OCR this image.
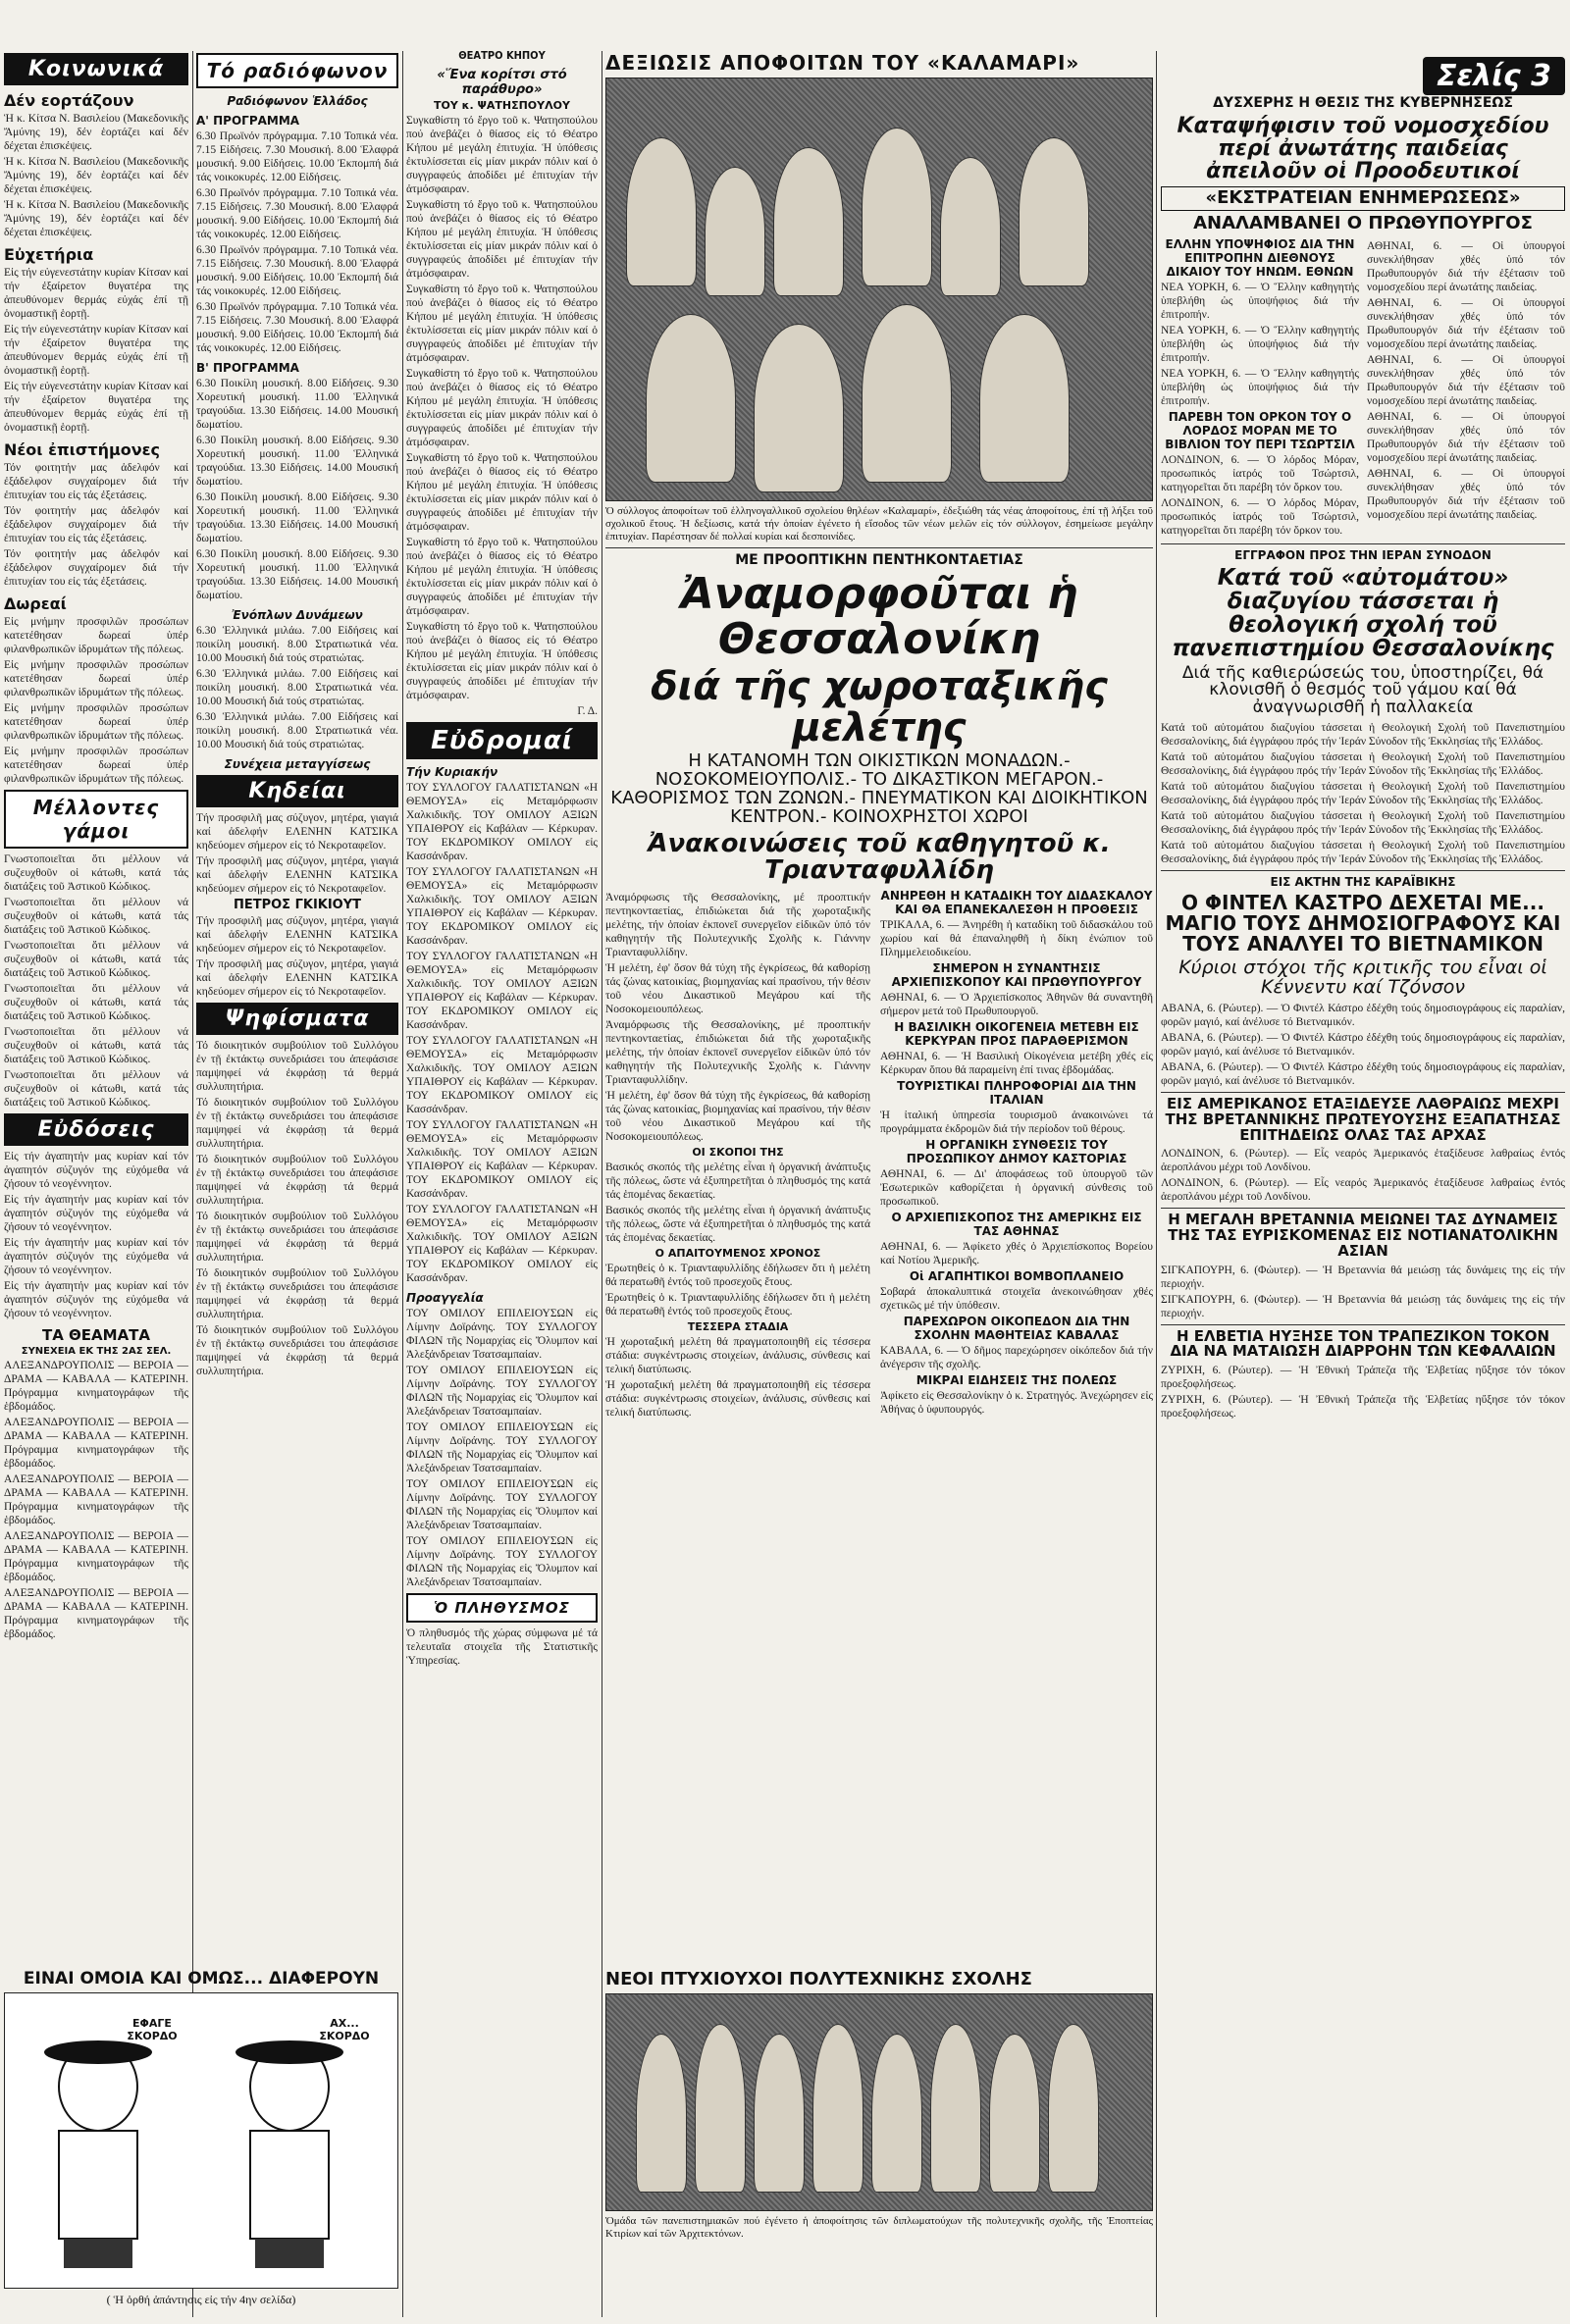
Κοινωνικά
Δέν εορτάζουν

Ἡ κ. Κίτσα Ν. Βασιλείου (Μακεδονικῆς Ἄμύνης 19), δέν ἑορτάζει καί δέν δέχεται ἐπισκέψεις.

Ἡ κ. Κίτσα Ν. Βασιλείου (Μακεδονικῆς Ἄμύνης 19), δέν ἑορτάζει καί δέν δέχεται ἐπισκέψεις.

Ἡ κ. Κίτσα Ν. Βασιλείου (Μακεδονικῆς Ἄμύνης 19), δέν ἑορτάζει καί δέν δέχεται ἐπισκέψεις.

Εὐχετήρια

Εἰς τήν εὐγενεστάτην κυρίαν Κίτσαν καί τήν ἐξαίρετον θυγατέρα της ἀπευθύνομεν θερμάς εὐχάς ἐπί τῇ ὀνομαστικῇ ἑορτῇ.

Εἰς τήν εὐγενεστάτην κυρίαν Κίτσαν καί τήν ἐξαίρετον θυγατέρα της ἀπευθύνομεν θερμάς εὐχάς ἐπί τῇ ὀνομαστικῇ ἑορτῇ.

Εἰς τήν εὐγενεστάτην κυρίαν Κίτσαν καί τήν ἐξαίρετον θυγατέρα της ἀπευθύνομεν θερμάς εὐχάς ἐπί τῇ ὀνομαστικῇ ἑορτῇ.

Νέοι ἐπιστήμονες

Τόν φοιτητήν μας ἀδελφόν καί ἐξάδελφον συγχαίρομεν διά τήν ἐπιτυχίαν του εἰς τάς ἐξετάσεις.

Τόν φοιτητήν μας ἀδελφόν καί ἐξάδελφον συγχαίρομεν διά τήν ἐπιτυχίαν του εἰς τάς ἐξετάσεις.

Τόν φοιτητήν μας ἀδελφόν καί ἐξάδελφον συγχαίρομεν διά τήν ἐπιτυχίαν του εἰς τάς ἐξετάσεις.

Δωρεαί

Εἰς μνήμην προσφιλῶν προσώπων κατετέθησαν δωρεαί ὑπέρ φιλανθρωπικῶν ἱδρυμάτων τῆς πόλεως.

Εἰς μνήμην προσφιλῶν προσώπων κατετέθησαν δωρεαί ὑπέρ φιλανθρωπικῶν ἱδρυμάτων τῆς πόλεως.

Εἰς μνήμην προσφιλῶν προσώπων κατετέθησαν δωρεαί ὑπέρ φιλανθρωπικῶν ἱδρυμάτων τῆς πόλεως.

Εἰς μνήμην προσφιλῶν προσώπων κατετέθησαν δωρεαί ὑπέρ φιλανθρωπικῶν ἱδρυμάτων τῆς πόλεως.

Μέλλοντες γάμοι

Γνωστοποιεῖται ὅτι μέλλουν νά συζευχθοῦν οἱ κάτωθι, κατά τάς διατάξεις τοῦ Ἀστικοῦ Κώδικος.

Γνωστοποιεῖται ὅτι μέλλουν νά συζευχθοῦν οἱ κάτωθι, κατά τάς διατάξεις τοῦ Ἀστικοῦ Κώδικος.

Γνωστοποιεῖται ὅτι μέλλουν νά συζευχθοῦν οἱ κάτωθι, κατά τάς διατάξεις τοῦ Ἀστικοῦ Κώδικος.

Γνωστοποιεῖται ὅτι μέλλουν νά συζευχθοῦν οἱ κάτωθι, κατά τάς διατάξεις τοῦ Ἀστικοῦ Κώδικος.

Γνωστοποιεῖται ὅτι μέλλουν νά συζευχθοῦν οἱ κάτωθι, κατά τάς διατάξεις τοῦ Ἀστικοῦ Κώδικος.

Γνωστοποιεῖται ὅτι μέλλουν νά συζευχθοῦν οἱ κάτωθι, κατά τάς διατάξεις τοῦ Ἀστικοῦ Κώδικος.

Εὐδόσεις

Εἰς τήν ἀγαπητήν μας κυρίαν καί τόν ἀγαπητόν σύζυγόν της εὐχόμεθα νά ζήσουν τό νεογέννητον.

Εἰς τήν ἀγαπητήν μας κυρίαν καί τόν ἀγαπητόν σύζυγόν της εὐχόμεθα νά ζήσουν τό νεογέννητον.

Εἰς τήν ἀγαπητήν μας κυρίαν καί τόν ἀγαπητόν σύζυγόν της εὐχόμεθα νά ζήσουν τό νεογέννητον.

Εἰς τήν ἀγαπητήν μας κυρίαν καί τόν ἀγαπητόν σύζυγόν της εὐχόμεθα νά ζήσουν τό νεογέννητον.

ΤΑ ΘΕΑΜΑΤΑ
ΣΥΝΕΧΕΙΑ ΕΚ ΤΗΣ 2ΑΣ ΣΕΛ.

ΑΛΕΞΑΝΔΡΟΥΠΟΛΙΣ — ΒΕΡΟΙΑ — ΔΡΑΜΑ — ΚΑΒΑΛΑ — ΚΑΤΕΡΙΝΗ. Πρόγραμμα κινηματογράφων τῆς ἑβδομάδος.

ΑΛΕΞΑΝΔΡΟΥΠΟΛΙΣ — ΒΕΡΟΙΑ — ΔΡΑΜΑ — ΚΑΒΑΛΑ — ΚΑΤΕΡΙΝΗ. Πρόγραμμα κινηματογράφων τῆς ἑβδομάδος.

ΑΛΕΞΑΝΔΡΟΥΠΟΛΙΣ — ΒΕΡΟΙΑ — ΔΡΑΜΑ — ΚΑΒΑΛΑ — ΚΑΤΕΡΙΝΗ. Πρόγραμμα κινηματογράφων τῆς ἑβδομάδος.

ΑΛΕΞΑΝΔΡΟΥΠΟΛΙΣ — ΒΕΡΟΙΑ — ΔΡΑΜΑ — ΚΑΒΑΛΑ — ΚΑΤΕΡΙΝΗ. Πρόγραμμα κινηματογράφων τῆς ἑβδομάδος.

ΑΛΕΞΑΝΔΡΟΥΠΟΛΙΣ — ΒΕΡΟΙΑ — ΔΡΑΜΑ — ΚΑΒΑΛΑ — ΚΑΤΕΡΙΝΗ. Πρόγραμμα κινηματογράφων τῆς ἑβδομάδος.

Τό ραδιόφωνον
Ραδιόφωνον Ἑλλάδος
Α' ΠΡΟΓΡΑΜΜΑ

6.30 Πρωϊνόν πρόγραμμα. 7.10 Τοπικά νέα. 7.15 Εἰδήσεις. 7.30 Μουσική. 8.00 Ἑλαφρά μουσική. 9.00 Εἰδήσεις. 10.00 Ἐκπομπή διά τάς νοικοκυρές. 12.00 Εἰδήσεις.

6.30 Πρωϊνόν πρόγραμμα. 7.10 Τοπικά νέα. 7.15 Εἰδήσεις. 7.30 Μουσική. 8.00 Ἑλαφρά μουσική. 9.00 Εἰδήσεις. 10.00 Ἐκπομπή διά τάς νοικοκυρές. 12.00 Εἰδήσεις.

6.30 Πρωϊνόν πρόγραμμα. 7.10 Τοπικά νέα. 7.15 Εἰδήσεις. 7.30 Μουσική. 8.00 Ἑλαφρά μουσική. 9.00 Εἰδήσεις. 10.00 Ἐκπομπή διά τάς νοικοκυρές. 12.00 Εἰδήσεις.

6.30 Πρωϊνόν πρόγραμμα. 7.10 Τοπικά νέα. 7.15 Εἰδήσεις. 7.30 Μουσική. 8.00 Ἑλαφρά μουσική. 9.00 Εἰδήσεις. 10.00 Ἐκπομπή διά τάς νοικοκυρές. 12.00 Εἰδήσεις.

Β' ΠΡΟΓΡΑΜΜΑ

6.30 Ποικίλη μουσική. 8.00 Εἰδήσεις. 9.30 Χορευτική μουσική. 11.00 Ἑλληνικά τραγούδια. 13.30 Εἰδήσεις. 14.00 Μουσική δωματίου.

6.30 Ποικίλη μουσική. 8.00 Εἰδήσεις. 9.30 Χορευτική μουσική. 11.00 Ἑλληνικά τραγούδια. 13.30 Εἰδήσεις. 14.00 Μουσική δωματίου.

6.30 Ποικίλη μουσική. 8.00 Εἰδήσεις. 9.30 Χορευτική μουσική. 11.00 Ἑλληνικά τραγούδια. 13.30 Εἰδήσεις. 14.00 Μουσική δωματίου.

6.30 Ποικίλη μουσική. 8.00 Εἰδήσεις. 9.30 Χορευτική μουσική. 11.00 Ἑλληνικά τραγούδια. 13.30 Εἰδήσεις. 14.00 Μουσική δωματίου.

Ἐνόπλων Δυνάμεων

6.30 Ἑλληνικά μιλάω. 7.00 Εἰδήσεις καί ποικίλη μουσική. 8.00 Στρατιωτικά νέα. 10.00 Μουσική διά τούς στρατιώτας.

6.30 Ἑλληνικά μιλάω. 7.00 Εἰδήσεις καί ποικίλη μουσική. 8.00 Στρατιωτικά νέα. 10.00 Μουσική διά τούς στρατιώτας.

6.30 Ἑλληνικά μιλάω. 7.00 Εἰδήσεις καί ποικίλη μουσική. 8.00 Στρατιωτικά νέα. 10.00 Μουσική διά τούς στρατιώτας.

Συνέχεια μεταγγίσεως
Κηδείαι

Τήν προσφιλῆ μας σύζυγον, μητέρα, γιαγιά καί ἀδελφήν ΕΛΕΝΗΝ ΚΑΤΣΙΚΑ κηδεύομεν σήμερον εἰς τό Νεκροταφεῖον.

Τήν προσφιλῆ μας σύζυγον, μητέρα, γιαγιά καί ἀδελφήν ΕΛΕΝΗΝ ΚΑΤΣΙΚΑ κηδεύομεν σήμερον εἰς τό Νεκροταφεῖον.

ΠΕΤΡΟΣ ΓΚΙΚΙΟΥΤ

Τήν προσφιλῆ μας σύζυγον, μητέρα, γιαγιά καί ἀδελφήν ΕΛΕΝΗΝ ΚΑΤΣΙΚΑ κηδεύομεν σήμερον εἰς τό Νεκροταφεῖον.

Τήν προσφιλῆ μας σύζυγον, μητέρα, γιαγιά καί ἀδελφήν ΕΛΕΝΗΝ ΚΑΤΣΙΚΑ κηδεύομεν σήμερον εἰς τό Νεκροταφεῖον.

Ψηφίσματα

Τό διοικητικόν συμβούλιον τοῦ Συλλόγου ἐν τῇ ἐκτάκτῳ συνεδριάσει του ἀπεφάσισε παμψηφεί νά ἐκφράσῃ τά θερμά συλλυπητήρια.

Τό διοικητικόν συμβούλιον τοῦ Συλλόγου ἐν τῇ ἐκτάκτῳ συνεδριάσει του ἀπεφάσισε παμψηφεί νά ἐκφράσῃ τά θερμά συλλυπητήρια.

Τό διοικητικόν συμβούλιον τοῦ Συλλόγου ἐν τῇ ἐκτάκτῳ συνεδριάσει του ἀπεφάσισε παμψηφεί νά ἐκφράσῃ τά θερμά συλλυπητήρια.

Τό διοικητικόν συμβούλιον τοῦ Συλλόγου ἐν τῇ ἐκτάκτῳ συνεδριάσει του ἀπεφάσισε παμψηφεί νά ἐκφράσῃ τά θερμά συλλυπητήρια.

Τό διοικητικόν συμβούλιον τοῦ Συλλόγου ἐν τῇ ἐκτάκτῳ συνεδριάσει του ἀπεφάσισε παμψηφεί νά ἐκφράσῃ τά θερμά συλλυπητήρια.

Τό διοικητικόν συμβούλιον τοῦ Συλλόγου ἐν τῇ ἐκτάκτῳ συνεδριάσει του ἀπεφάσισε παμψηφεί νά ἐκφράσῃ τά θερμά συλλυπητήρια.

ΘΕΑΤΡΟ ΚΗΠΟΥ
«Ἕνα κορίτσι στό παράθυρο»
ΤΟΥ κ. ΨΑΤΗΣΠΟΥΛΟΥ

Συγκαθίστη τό ἔργο τοῦ κ. Ψατησπούλου πού ἀνεβάζει ὁ θίασος εἰς τό Θέατρο Κήπου μέ μεγάλη ἐπιτυχία. Ἡ ὑπόθεσις ἐκτυλίσσεται εἰς μίαν μικράν πόλιν καί ὁ συγγραφεύς ἀποδίδει μέ ἐπιτυχίαν τήν ἀτμόσφαιραν.

Συγκαθίστη τό ἔργο τοῦ κ. Ψατησπούλου πού ἀνεβάζει ὁ θίασος εἰς τό Θέατρο Κήπου μέ μεγάλη ἐπιτυχία. Ἡ ὑπόθεσις ἐκτυλίσσεται εἰς μίαν μικράν πόλιν καί ὁ συγγραφεύς ἀποδίδει μέ ἐπιτυχίαν τήν ἀτμόσφαιραν.

Συγκαθίστη τό ἔργο τοῦ κ. Ψατησπούλου πού ἀνεβάζει ὁ θίασος εἰς τό Θέατρο Κήπου μέ μεγάλη ἐπιτυχία. Ἡ ὑπόθεσις ἐκτυλίσσεται εἰς μίαν μικράν πόλιν καί ὁ συγγραφεύς ἀποδίδει μέ ἐπιτυχίαν τήν ἀτμόσφαιραν.

Συγκαθίστη τό ἔργο τοῦ κ. Ψατησπούλου πού ἀνεβάζει ὁ θίασος εἰς τό Θέατρο Κήπου μέ μεγάλη ἐπιτυχία. Ἡ ὑπόθεσις ἐκτυλίσσεται εἰς μίαν μικράν πόλιν καί ὁ συγγραφεύς ἀποδίδει μέ ἐπιτυχίαν τήν ἀτμόσφαιραν.

Συγκαθίστη τό ἔργο τοῦ κ. Ψατησπούλου πού ἀνεβάζει ὁ θίασος εἰς τό Θέατρο Κήπου μέ μεγάλη ἐπιτυχία. Ἡ ὑπόθεσις ἐκτυλίσσεται εἰς μίαν μικράν πόλιν καί ὁ συγγραφεύς ἀποδίδει μέ ἐπιτυχίαν τήν ἀτμόσφαιραν.

Συγκαθίστη τό ἔργο τοῦ κ. Ψατησπούλου πού ἀνεβάζει ὁ θίασος εἰς τό Θέατρο Κήπου μέ μεγάλη ἐπιτυχία. Ἡ ὑπόθεσις ἐκτυλίσσεται εἰς μίαν μικράν πόλιν καί ὁ συγγραφεύς ἀποδίδει μέ ἐπιτυχίαν τήν ἀτμόσφαιραν.

Συγκαθίστη τό ἔργο τοῦ κ. Ψατησπούλου πού ἀνεβάζει ὁ θίασος εἰς τό Θέατρο Κήπου μέ μεγάλη ἐπιτυχία. Ἡ ὑπόθεσις ἐκτυλίσσεται εἰς μίαν μικράν πόλιν καί ὁ συγγραφεύς ἀποδίδει μέ ἐπιτυχίαν τήν ἀτμόσφαιραν.

Γ. Δ.

Εὐδρομαί
Τήν Κυριακήν

ΤΟΥ ΣΥΛΛΟΓΟΥ ΓΑΛΑΤΙΣΤΑΝΩΝ «Η ΘΕΜΟΥΣΑ» εἰς Μεταμόρφωσιν Χαλκιδικῆς. ΤΟΥ ΟΜΙΛΟΥ ΑΞΙΩΝ ΥΠΑΙΘΡΟΥ εἰς Καβάλαν — Κέρκυραν. ΤΟΥ ΕΚΔΡΟΜΙΚΟΥ ΟΜΙΛΟΥ εἰς Κασσάνδραν.

ΤΟΥ ΣΥΛΛΟΓΟΥ ΓΑΛΑΤΙΣΤΑΝΩΝ «Η ΘΕΜΟΥΣΑ» εἰς Μεταμόρφωσιν Χαλκιδικῆς. ΤΟΥ ΟΜΙΛΟΥ ΑΞΙΩΝ ΥΠΑΙΘΡΟΥ εἰς Καβάλαν — Κέρκυραν. ΤΟΥ ΕΚΔΡΟΜΙΚΟΥ ΟΜΙΛΟΥ εἰς Κασσάνδραν.

ΤΟΥ ΣΥΛΛΟΓΟΥ ΓΑΛΑΤΙΣΤΑΝΩΝ «Η ΘΕΜΟΥΣΑ» εἰς Μεταμόρφωσιν Χαλκιδικῆς. ΤΟΥ ΟΜΙΛΟΥ ΑΞΙΩΝ ΥΠΑΙΘΡΟΥ εἰς Καβάλαν — Κέρκυραν. ΤΟΥ ΕΚΔΡΟΜΙΚΟΥ ΟΜΙΛΟΥ εἰς Κασσάνδραν.

ΤΟΥ ΣΥΛΛΟΓΟΥ ΓΑΛΑΤΙΣΤΑΝΩΝ «Η ΘΕΜΟΥΣΑ» εἰς Μεταμόρφωσιν Χαλκιδικῆς. ΤΟΥ ΟΜΙΛΟΥ ΑΞΙΩΝ ΥΠΑΙΘΡΟΥ εἰς Καβάλαν — Κέρκυραν. ΤΟΥ ΕΚΔΡΟΜΙΚΟΥ ΟΜΙΛΟΥ εἰς Κασσάνδραν.

ΤΟΥ ΣΥΛΛΟΓΟΥ ΓΑΛΑΤΙΣΤΑΝΩΝ «Η ΘΕΜΟΥΣΑ» εἰς Μεταμόρφωσιν Χαλκιδικῆς. ΤΟΥ ΟΜΙΛΟΥ ΑΞΙΩΝ ΥΠΑΙΘΡΟΥ εἰς Καβάλαν — Κέρκυραν. ΤΟΥ ΕΚΔΡΟΜΙΚΟΥ ΟΜΙΛΟΥ εἰς Κασσάνδραν.

ΤΟΥ ΣΥΛΛΟΓΟΥ ΓΑΛΑΤΙΣΤΑΝΩΝ «Η ΘΕΜΟΥΣΑ» εἰς Μεταμόρφωσιν Χαλκιδικῆς. ΤΟΥ ΟΜΙΛΟΥ ΑΞΙΩΝ ΥΠΑΙΘΡΟΥ εἰς Καβάλαν — Κέρκυραν. ΤΟΥ ΕΚΔΡΟΜΙΚΟΥ ΟΜΙΛΟΥ εἰς Κασσάνδραν.

Προαγγελία

ΤΟΥ ΟΜΙΛΟΥ ΕΠΙΛΕΙΟΥΣΩΝ εἰς Λίμνην Δοϊράνης. ΤΟΥ ΣΥΛΛΟΓΟΥ ΦΙΛΩΝ τῆς Νομαρχίας εἰς Ὄλυμπον καί Ἀλεξάνδρειαν Τσατσαμπαίαν.

ΤΟΥ ΟΜΙΛΟΥ ΕΠΙΛΕΙΟΥΣΩΝ εἰς Λίμνην Δοϊράνης. ΤΟΥ ΣΥΛΛΟΓΟΥ ΦΙΛΩΝ τῆς Νομαρχίας εἰς Ὄλυμπον καί Ἀλεξάνδρειαν Τσατσαμπαίαν.

ΤΟΥ ΟΜΙΛΟΥ ΕΠΙΛΕΙΟΥΣΩΝ εἰς Λίμνην Δοϊράνης. ΤΟΥ ΣΥΛΛΟΓΟΥ ΦΙΛΩΝ τῆς Νομαρχίας εἰς Ὄλυμπον καί Ἀλεξάνδρειαν Τσατσαμπαίαν.

ΤΟΥ ΟΜΙΛΟΥ ΕΠΙΛΕΙΟΥΣΩΝ εἰς Λίμνην Δοϊράνης. ΤΟΥ ΣΥΛΛΟΓΟΥ ΦΙΛΩΝ τῆς Νομαρχίας εἰς Ὄλυμπον καί Ἀλεξάνδρειαν Τσατσαμπαίαν.

ΤΟΥ ΟΜΙΛΟΥ ΕΠΙΛΕΙΟΥΣΩΝ εἰς Λίμνην Δοϊράνης. ΤΟΥ ΣΥΛΛΟΓΟΥ ΦΙΛΩΝ τῆς Νομαρχίας εἰς Ὄλυμπον καί Ἀλεξάνδρειαν Τσατσαμπαίαν.

Ὁ ΠΛΗΘΥΣΜΟΣ

Ὁ πληθυσμός τῆς χώρας σύμφωνα μέ τά τελευταῖα στοιχεῖα τῆς Στατιστικῆς Ὑπηρεσίας.

ΔΕΞΙΩΣΙΣ ΑΠΟΦΟΙΤΩΝ ΤΟΥ «ΚΑΛΑΜΑΡΙ»

Ὁ σύλλογος ἀποφοίτων τοῦ ἑλληνογαλλικοῦ σχολείου θηλέων «Καλαμαρί», ἐδεξιώθη τάς νέας ἀποφοίτους, ἐπί τῇ λήξει τοῦ σχολικοῦ ἔτους. Ἡ δεξίωσις, κατά τήν ὁποίαν ἐγένετο ἡ εἴσοδος τῶν νέων μελῶν εἰς τόν σύλλογον, ἐσημείωσε μεγάλην ἐπιτυχίαν. Παρέστησαν δέ πολλαί κυρίαι καί δεσποινίδες.

ΜΕ ΠΡΟΟΠΤΙΚΗΝ ΠΕΝΤΗΚΟΝΤΑΕΤΙΑΣ
Ἀναμορφοῦται ἡ Θεσσαλονίκη
διά τῆς χωροταξικῆς μελέτης
Η ΚΑΤΑΝΟΜΗ ΤΩΝ ΟΙΚΙΣΤΙΚΩΝ ΜΟΝΑΔΩΝ.- ΝΟΣΟΚΟΜΕΙΟΥΠΟΛΙΣ.- ΤΟ ΔΙΚΑΣΤΙΚΟΝ ΜΕΓΑΡΟΝ.- ΚΑΘΟΡΙΣΜΟΣ ΤΩΝ ΖΩΝΩΝ.- ΠΝΕΥΜΑΤΙΚΟΝ ΚΑΙ ΔΙΟΙΚΗΤΙΚΟΝ ΚΕΝΤΡΟΝ.- ΚΟΙΝΟΧΡΗΣΤΟΙ ΧΩΡΟΙ
Ἀνακοινώσεις τοῦ καθηγητοῦ κ. Τριανταφυλλίδη

Ἀναμόρφωσις τῆς Θεσσαλονίκης, μέ προοπτικήν πεντηκονταετίας, ἐπιδιώκεται διά τῆς χωροταξικῆς μελέτης, τήν ὁποίαν ἐκπονεῖ συνεργεῖον εἰδικῶν ὑπό τόν καθηγητήν τῆς Πολυτεχνικῆς Σχολῆς κ. Γιάννην Τριανταφυλλίδην.

Ἡ μελέτη, ἐφ' ὅσον θά τύχη τῆς ἐγκρίσεως, θά καθορίσῃ τάς ζώνας κατοικίας, βιομηχανίας καί πρασίνου, τήν θέσιν τοῦ νέου Δικαστικοῦ Μεγάρου καί τῆς Νοσοκομειουπόλεως.

Ἀναμόρφωσις τῆς Θεσσαλονίκης, μέ προοπτικήν πεντηκονταετίας, ἐπιδιώκεται διά τῆς χωροταξικῆς μελέτης, τήν ὁποίαν ἐκπονεῖ συνεργεῖον εἰδικῶν ὑπό τόν καθηγητήν τῆς Πολυτεχνικῆς Σχολῆς κ. Γιάννην Τριανταφυλλίδην.

Ἡ μελέτη, ἐφ' ὅσον θά τύχη τῆς ἐγκρίσεως, θά καθορίσῃ τάς ζώνας κατοικίας, βιομηχανίας καί πρασίνου, τήν θέσιν τοῦ νέου Δικαστικοῦ Μεγάρου καί τῆς Νοσοκομειουπόλεως.

ΟΙ ΣΚΟΠΟΙ ΤΗΣ

Βασικός σκοπός τῆς μελέτης εἶναι ἡ ὀργανική ἀνάπτυξις τῆς πόλεως, ὥστε νά ἐξυπηρετῆται ὁ πληθυσμός της κατά τάς ἑπομένας δεκαετίας.

Βασικός σκοπός τῆς μελέτης εἶναι ἡ ὀργανική ἀνάπτυξις τῆς πόλεως, ὥστε νά ἐξυπηρετῆται ὁ πληθυσμός της κατά τάς ἑπομένας δεκαετίας.

Ο ΑΠΑΙΤΟΥΜΕΝΟΣ ΧΡΟΝΟΣ

Ἐρωτηθείς ὁ κ. Τριανταφυλλίδης ἐδήλωσεν ὅτι ἡ μελέτη θά περατωθῆ ἐντός τοῦ προσεχοῦς ἔτους.

Ἐρωτηθείς ὁ κ. Τριανταφυλλίδης ἐδήλωσεν ὅτι ἡ μελέτη θά περατωθῆ ἐντός τοῦ προσεχοῦς ἔτους.

ΤΕΣΣΕΡΑ ΣΤΑΔΙΑ

Ἡ χωροταξική μελέτη θά πραγματοποιηθῆ εἰς τέσσερα στάδια: συγκέντρωσις στοιχείων, ἀνάλυσις, σύνθεσις καί τελική διατύπωσις.

Ἡ χωροταξική μελέτη θά πραγματοποιηθῆ εἰς τέσσερα στάδια: συγκέντρωσις στοιχείων, ἀνάλυσις, σύνθεσις καί τελική διατύπωσις.

ΑΝΗΡΕΘΗ Η ΚΑΤΑΔΙΚΗ ΤΟΥ ΔΙΔΑΣΚΑΛΟΥ ΚΑΙ ΘΑ ΕΠΑΝΕΚΑΛΕΣΘΗ Η ΠΡΟΘΕΣΙΣ

ΤΡΙΚΑΛΑ, 6. — Ἀνηρέθη ἡ καταδίκη τοῦ διδασκάλου τοῦ χωρίου καί θά ἐπαναληφθῆ ἡ δίκη ἐνώπιον τοῦ Πλημμελειοδικείου.

ΣΗΜΕΡΟΝ Η ΣΥΝΑΝΤΗΣΙΣ ΑΡΧΙΕΠΙΣΚΟΠΟΥ ΚΑΙ ΠΡΩΘΥΠΟΥΡΓΟΥ

ΑΘΗΝΑΙ, 6. — Ὁ Ἀρχιεπίσκοπος Ἀθηνῶν θά συναντηθῆ σήμερον μετά τοῦ Πρωθυπουργοῦ.

Η ΒΑΣΙΛΙΚΗ ΟΙΚΟΓΕΝΕΙΑ ΜΕΤΕΒΗ ΕΙΣ ΚΕΡΚΥΡΑΝ ΠΡΟΣ ΠΑΡΑΘΕΡΙΣΜΟΝ

ΑΘΗΝΑΙ, 6. — Ἡ Βασιλική Οἰκογένεια μετέβη χθές εἰς Κέρκυραν ὅπου θά παραμείνη ἐπί τινας ἑβδομάδας.

ΤΟΥΡΙΣΤΙΚΑΙ ΠΛΗΡΟΦΟΡΙΑΙ ΔΙΑ ΤΗΝ ΙΤΑΛΙΑΝ

Ἡ ἰταλική ὑπηρεσία τουρισμοῦ ἀνακοινώνει τά προγράμματα ἐκδρομῶν διά τήν περίοδον τοῦ θέρους.

Η ΟΡΓΑΝΙΚΗ ΣΥΝΘΕΣΙΣ ΤΟΥ ΠΡΟΣΩΠΙΚΟΥ ΔΗΜΟΥ ΚΑΣΤΟΡΙΑΣ

ΑΘΗΝΑΙ, 6. — Δι' ἀποφάσεως τοῦ ὑπουργοῦ τῶν Ἐσωτερικῶν καθορίζεται ἡ ὀργανική σύνθεσις τοῦ προσωπικοῦ.

Ο ΑΡΧΙΕΠΙΣΚΟΠΟΣ ΤΗΣ ΑΜΕΡΙΚΗΣ ΕΙΣ ΤΑΣ ΑΘΗΝΑΣ

ΑΘΗΝΑΙ, 6. — Ἀφίκετο χθές ὁ Ἀρχιεπίσκοπος Βορείου καί Νοτίου Ἀμερικῆς.

Οἱ ΑΓΑΠΗΤΙΚΟΙ ΒΟΜΒΟΠΛΑΝΕΙΟ

Σοβαρά ἀποκαλυπτικά στοιχεῖα ἀνεκοινώθησαν χθές σχετικῶς μέ τήν ὑπόθεσιν.

ΠΑΡΕΧΩΡΟΝ ΟΙΚΟΠΕΔΟΝ ΔΙΑ ΤΗΝ ΣΧΟΛΗΝ ΜΑΘΗΤΕΙΑΣ ΚΑΒΑΛΑΣ

ΚΑΒΑΛΑ, 6. — Ὁ δῆμος παρεχώρησεν οἰκόπεδον διά τήν ἀνέγερσιν τῆς σχολῆς.

ΜΙΚΡΑΙ ΕΙΔΗΣΕΙΣ ΤΗΣ ΠΟΛΕΩΣ

Ἀφίκετο εἰς Θεσσαλονίκην ὁ κ. Στρατηγός. Ἀνεχώρησεν εἰς Ἀθήνας ὁ ὑφυπουργός.

ΝΕΟΙ ΠΤΥΧΙΟΥΧΟΙ ΠΟΛΥΤΕΧΝΙΚΗΣ ΣΧΟΛΗΣ

Ὁμάδα τῶν πανεπιστημιακῶν πού ἐγένετο ἡ ἀποφοίτησις τῶν διπλωματούχων τῆς πολυτεχνικῆς σχολῆς, τῆς Ἐποπτείας Κτιρίων καί τῶν Ἀρχιτεκτόνων.

ΕΙΝΑΙ ΟΜΟΙΑ ΚΑΙ ΟΜΩΣ... ΔΙΑΦΕΡΟΥΝ
ΕΦΑΓΕ ΣΚΟΡΔΟ
ΑΧ... ΣΚΟΡΔΟ
( Ἡ ὀρθή ἀπάντησις εἰς τήν 4ην σελίδα)
Σελίς 3
ΔΥΣΧΕΡΗΣ Η ΘΕΣΙΣ ΤΗΣ ΚΥΒΕΡΝΗΣΕΩΣ
Καταψήφισιν τοῦ νομοσχεδίου περί ἀνωτάτης παιδείας ἀπειλοῦν οἱ Προοδευτικοί
«ΕΚΣΤΡΑΤΕΙΑΝ ΕΝΗΜΕΡΩΣΕΩΣ»
ΑΝΑΛΑΜΒΑΝΕΙ Ο ΠΡΩΘΥΠΟΥΡΓΟΣ
ΕΛΛΗΝ ΥΠΟΨΗΦΙΟΣ ΔΙΑ ΤΗΝ ΕΠΙΤΡΟΠΗΝ ΔΙΕΘΝΟΥΣ ΔΙΚΑΙΟΥ ΤΟΥ ΗΝΩΜ. ΕΘΝΩΝ

ΝΕΑ ΥΟΡΚΗ, 6. — Ὁ Ἕλλην καθηγητής ὑπεβλήθη ὡς ὑποψήφιος διά τήν ἐπιτροπήν.

ΝΕΑ ΥΟΡΚΗ, 6. — Ὁ Ἕλλην καθηγητής ὑπεβλήθη ὡς ὑποψήφιος διά τήν ἐπιτροπήν.

ΝΕΑ ΥΟΡΚΗ, 6. — Ὁ Ἕλλην καθηγητής ὑπεβλήθη ὡς ὑποψήφιος διά τήν ἐπιτροπήν.

ΠΑΡΕΒΗ ΤΟΝ ΟΡΚΟΝ ΤΟΥ Ο ΛΟΡΔΟΣ ΜΟΡΑΝ ΜΕ ΤΟ ΒΙΒΛΙΟΝ ΤΟΥ ΠΕΡΙ ΤΣΩΡΤΣΙΛ

ΛΟΝΔΙΝΟΝ, 6. — Ὁ λόρδος Μόραν, προσωπικός ἰατρός τοῦ Τσώρτσιλ, κατηγορεῖται ὅτι παρέβη τόν ὅρκον του.

ΛΟΝΔΙΝΟΝ, 6. — Ὁ λόρδος Μόραν, προσωπικός ἰατρός τοῦ Τσώρτσιλ, κατηγορεῖται ὅτι παρέβη τόν ὅρκον του.

ΑΘΗΝΑΙ, 6. — Οἱ ὑπουργοί συνεκλήθησαν χθές ὑπό τόν Πρωθυπουργόν διά τήν ἐξέτασιν τοῦ νομοσχεδίου περί ἀνωτάτης παιδείας.

ΑΘΗΝΑΙ, 6. — Οἱ ὑπουργοί συνεκλήθησαν χθές ὑπό τόν Πρωθυπουργόν διά τήν ἐξέτασιν τοῦ νομοσχεδίου περί ἀνωτάτης παιδείας.

ΑΘΗΝΑΙ, 6. — Οἱ ὑπουργοί συνεκλήθησαν χθές ὑπό τόν Πρωθυπουργόν διά τήν ἐξέτασιν τοῦ νομοσχεδίου περί ἀνωτάτης παιδείας.

ΑΘΗΝΑΙ, 6. — Οἱ ὑπουργοί συνεκλήθησαν χθές ὑπό τόν Πρωθυπουργόν διά τήν ἐξέτασιν τοῦ νομοσχεδίου περί ἀνωτάτης παιδείας.

ΑΘΗΝΑΙ, 6. — Οἱ ὑπουργοί συνεκλήθησαν χθές ὑπό τόν Πρωθυπουργόν διά τήν ἐξέτασιν τοῦ νομοσχεδίου περί ἀνωτάτης παιδείας.

ΕΓΓΡΑΦΟΝ ΠΡΟΣ ΤΗΝ ΙΕΡΑΝ ΣΥΝΟΔΟΝ
Κατά τοῦ «αὐτομάτου» διαζυγίου τάσσεται ἡ θεολογική σχολή τοῦ πανεπιστημίου Θεσσαλονίκης
Διά τῆς καθιερώσεώς του, ὑποστηρίζει, θά κλονισθῆ ὁ θεσμός τοῦ γάμου καί θά ἀναγνωρισθῆ ἡ παλλακεία

Κατά τοῦ αὐτομάτου διαζυγίου τάσσεται ἡ Θεολογική Σχολή τοῦ Πανεπιστημίου Θεσσαλονίκης, διά ἐγγράφου πρός τήν Ἱεράν Σύνοδον τῆς Ἐκκλησίας τῆς Ἑλλάδος.

Κατά τοῦ αὐτομάτου διαζυγίου τάσσεται ἡ Θεολογική Σχολή τοῦ Πανεπιστημίου Θεσσαλονίκης, διά ἐγγράφου πρός τήν Ἱεράν Σύνοδον τῆς Ἐκκλησίας τῆς Ἑλλάδος.

Κατά τοῦ αὐτομάτου διαζυγίου τάσσεται ἡ Θεολογική Σχολή τοῦ Πανεπιστημίου Θεσσαλονίκης, διά ἐγγράφου πρός τήν Ἱεράν Σύνοδον τῆς Ἐκκλησίας τῆς Ἑλλάδος.

Κατά τοῦ αὐτομάτου διαζυγίου τάσσεται ἡ Θεολογική Σχολή τοῦ Πανεπιστημίου Θεσσαλονίκης, διά ἐγγράφου πρός τήν Ἱεράν Σύνοδον τῆς Ἐκκλησίας τῆς Ἑλλάδος.

Κατά τοῦ αὐτομάτου διαζυγίου τάσσεται ἡ Θεολογική Σχολή τοῦ Πανεπιστημίου Θεσσαλονίκης, διά ἐγγράφου πρός τήν Ἱεράν Σύνοδον τῆς Ἐκκλησίας τῆς Ἑλλάδος.

ΕΙΣ ΑΚΤΗΝ ΤΗΣ ΚΑΡΑΪΒΙΚΗΣ
Ο ΦΙΝΤΕΛ ΚΑΣΤΡΟ ΔΕΧΕΤΑΙ ΜΕ... ΜΑΓΙΟ ΤΟΥΣ ΔΗΜΟΣΙΟΓΡΑΦΟΥΣ ΚΑΙ ΤΟΥΣ ΑΝΑΛΥΕΙ ΤΟ ΒΙΕΤΝΑΜΙΚΟΝ
Κύριοι στόχοι τῆς κριτικῆς του εἶναι οἱ Κέννεντυ καί Τζόνσον

ΑΒΑΝΑ, 6. (Ρώυτερ). — Ὁ Φιντέλ Κάστρο ἐδέχθη τούς δημοσιογράφους εἰς παραλίαν, φορῶν μαγιό, καί ἀνέλυσε τό Βιετναμικόν.

ΑΒΑΝΑ, 6. (Ρώυτερ). — Ὁ Φιντέλ Κάστρο ἐδέχθη τούς δημοσιογράφους εἰς παραλίαν, φορῶν μαγιό, καί ἀνέλυσε τό Βιετναμικόν.

ΑΒΑΝΑ, 6. (Ρώυτερ). — Ὁ Φιντέλ Κάστρο ἐδέχθη τούς δημοσιογράφους εἰς παραλίαν, φορῶν μαγιό, καί ἀνέλυσε τό Βιετναμικόν.

ΕΙΣ ΑΜΕΡΙΚΑΝΟΣ ΕΤΑΞΙΔΕΥΣΕ ΛΑΘΡΑΙΩΣ ΜΕΧΡΙ ΤΗΣ ΒΡΕΤΑΝΝΙΚΗΣ ΠΡΩΤΕΥΟΥΣΗΣ ΕΞΑΠΑΤΗΣΑΣ ΕΠΙΤΗΔΕΙΩΣ ΟΛΑΣ ΤΑΣ ΑΡΧΑΣ

ΛΟΝΔΙΝΟΝ, 6. (Ρώυτερ). — Εἷς νεαρός Ἀμερικανός ἐταξίδευσε λαθραίως ἐντός ἀεροπλάνου μέχρι τοῦ Λονδίνου.

ΛΟΝΔΙΝΟΝ, 6. (Ρώυτερ). — Εἷς νεαρός Ἀμερικανός ἐταξίδευσε λαθραίως ἐντός ἀεροπλάνου μέχρι τοῦ Λονδίνου.

Η ΜΕΓΑΛΗ ΒΡΕΤΑΝΝΙΑ ΜΕΙΩΝΕΙ ΤΑΣ ΔΥΝΑΜΕΙΣ ΤΗΣ ΤΑΣ ΕΥΡΙΣΚΟΜΕΝΑΣ ΕΙΣ ΝΟΤΙΑΝΑΤΟΛΙΚΗΝ ΑΣΙΑΝ

ΣΙΓΚΑΠΟΥΡΗ, 6. (Φώυτερ). — Ἡ Βρεταννία θά μειώσῃ τάς δυνάμεις της εἰς τήν περιοχήν.

ΣΙΓΚΑΠΟΥΡΗ, 6. (Φώυτερ). — Ἡ Βρεταννία θά μειώσῃ τάς δυνάμεις της εἰς τήν περιοχήν.

Η ΕΛΒΕΤΙΑ ΗΥΞΗΣΕ ΤΟΝ ΤΡΑΠΕΖΙΚΟΝ ΤΟΚΟΝ ΔΙΑ ΝΑ ΜΑΤΑΙΩΣΗ ΔΙΑΡΡΟΗΝ ΤΩΝ ΚΕΦΑΛΑΙΩΝ

ΖΥΡΙΧΗ, 6. (Ρώυτερ). — Ἡ Ἐθνική Τράπεζα τῆς Ἑλβετίας ηὔξησε τόν τόκον προεξοφλήσεως.

ΖΥΡΙΧΗ, 6. (Ρώυτερ). — Ἡ Ἐθνική Τράπεζα τῆς Ἑλβετίας ηὔξησε τόν τόκον προεξοφλήσεως.
